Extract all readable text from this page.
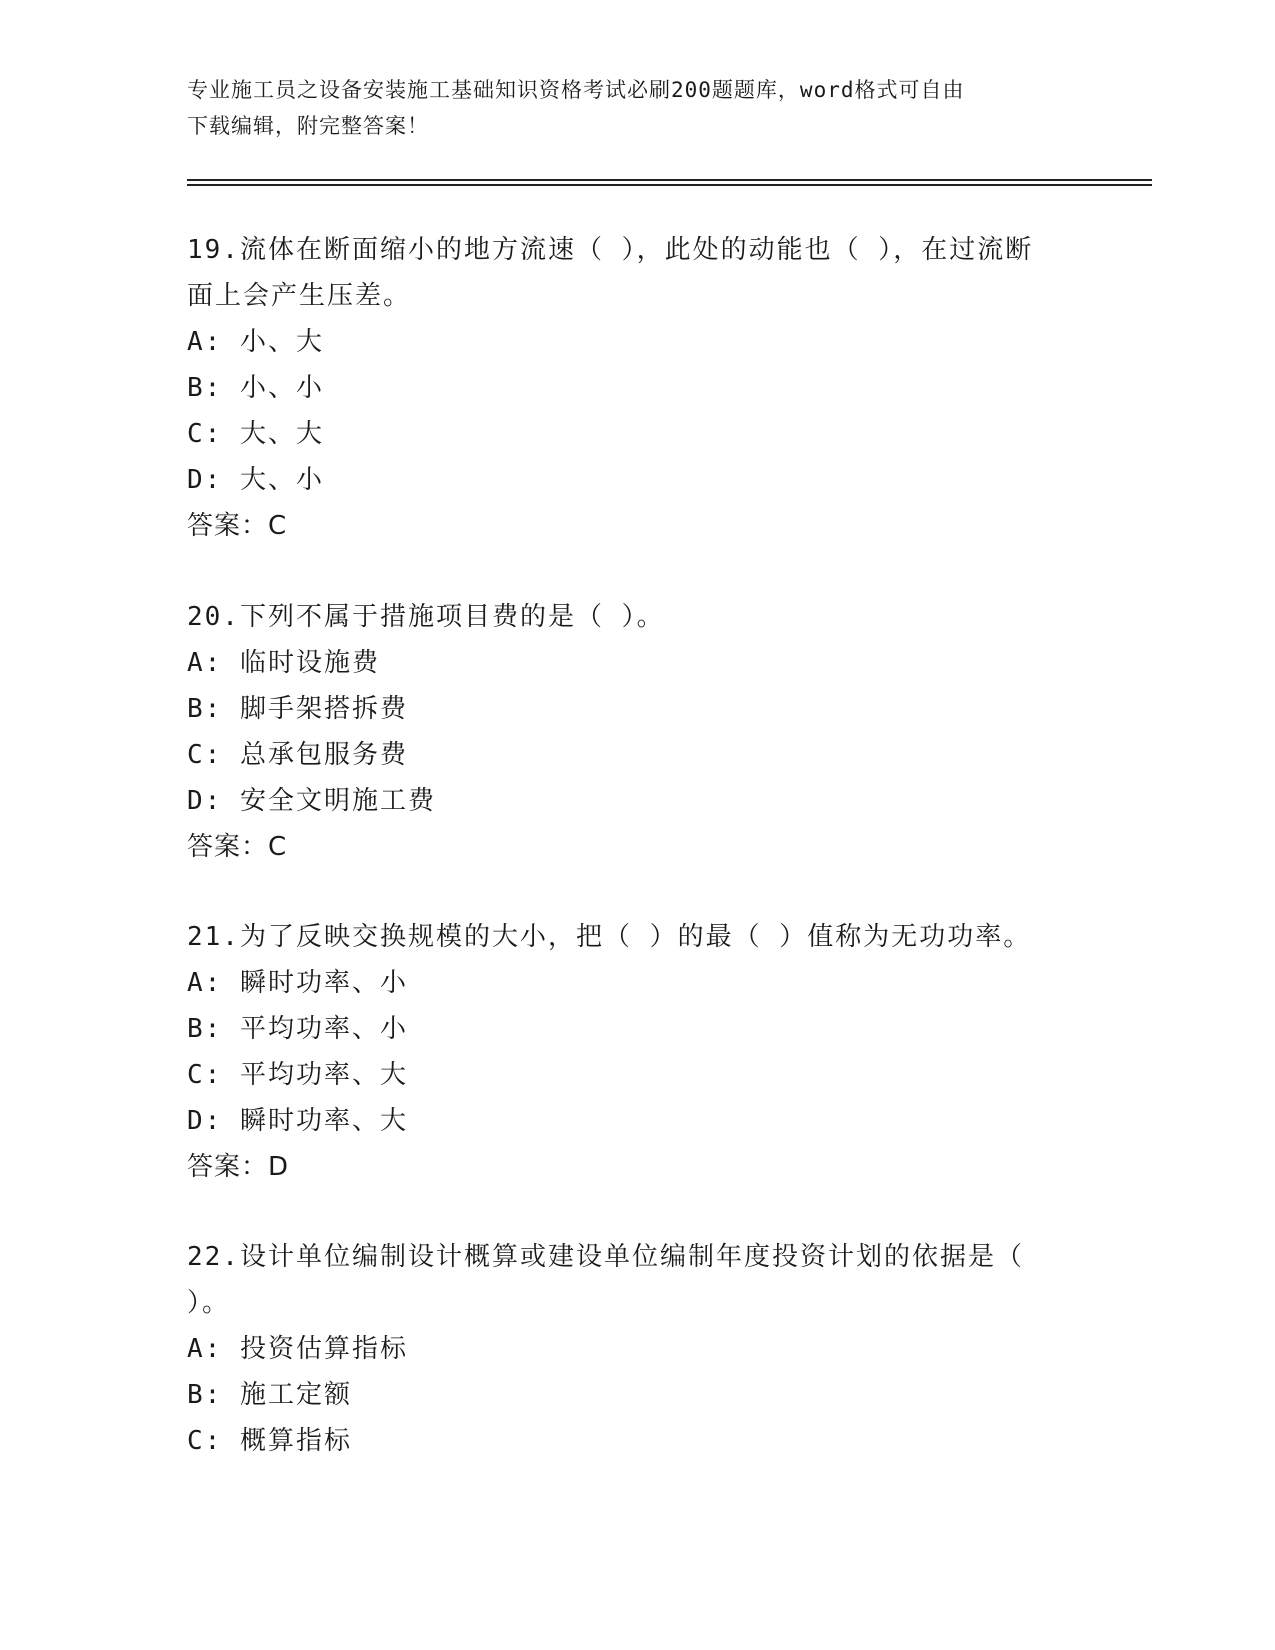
专业施工员之设备安装施工基础知识资格考试必刷200题题库，word格式可自由
下载编辑，附完整答案！
19.流体在断面缩小的地方流速（ ），此处的动能也（ ），在过流断
面上会产生压差。
A: 小、大
B: 小、小
C: 大、大
D: 大、小
答案：C
20.下列不属于措施项目费的是（ ）。
A: 临时设施费
B: 脚手架搭拆费
C: 总承包服务费
D: 安全文明施工费
答案：C
21.为了反映交换规模的大小，把（ ）的最（ ）值称为无功功率。
A: 瞬时功率、小
B: 平均功率、小
C: 平均功率、大
D: 瞬时功率、大
答案：D
22.设计单位编制设计概算或建设单位编制年度投资计划的依据是（
）。
A: 投资估算指标
B: 施工定额
C: 概算指标
